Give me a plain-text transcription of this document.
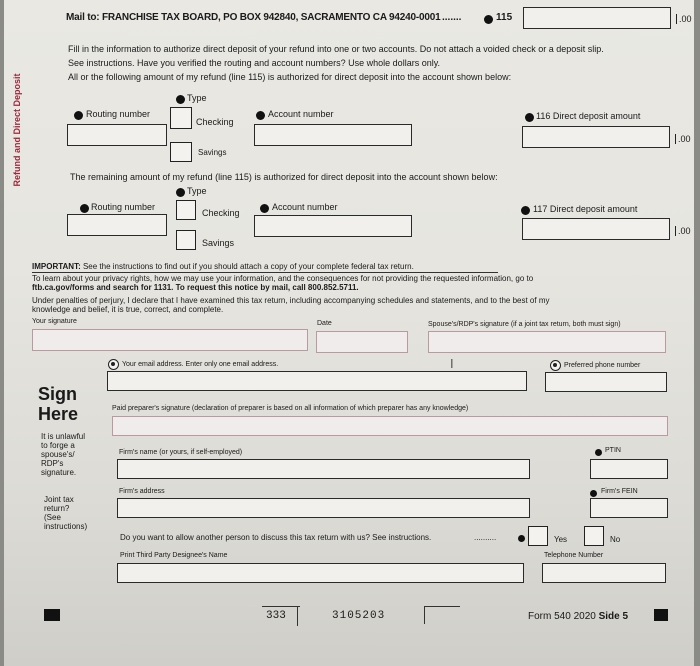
Refund and Direct Deposit
Mail to: FRANCHISE TAX BOARD, PO BOX 942840, SACRAMENTO CA 94240-0001 .......	115	.00
Fill in the information to authorize direct deposit of your refund into one or two accounts. Do not attach a voided check or a deposit slip.
See instructions. Have you verified the routing and account numbers? Use whole dollars only.
All or the following amount of my refund (line 115) is authorized for direct deposit into the account shown below:
Type
Routing number
Checking
Savings
Account number	116 Direct deposit amount
.00
The remaining amount of my refund (line 115) is authorized for direct deposit into the account shown below:
Type
Routing number
Checking
Savings
Account number	117 Direct deposit amount
.00
IMPORTANT: See the instructions to find out if you should attach a copy of your complete federal tax return.
To learn about your privacy rights, how we may use your information, and the consequences for not providing the requested information, go to
ftb.ca.gov/forms and search for 1131. To request this notice by mail, call 800.852.5711.
Under penalties of perjury, I declare that I have examined this tax return, including accompanying schedules and statements, and to the best of my
knowledge and belief, it is true, correct, and complete.
Your signature	Date	Spouse's/RDP's signature (if a joint tax return, both must sign)
Your email address. Enter only one email address.	I	Preferred phone number
Sign
Here	Paid preparer's signature (declaration of preparer is based on all information of which preparer has any knowledge)
It is unlawful
to forge a
spouse's/
RDP's
signature.
Firm's name (or yours, if self-employed)	PTIN
Firm's address	Firm's FEIN
Joint tax
return?
(See
instructions)
Do you want to allow another person to discuss this tax return with us? See instructions.	..........	Yes	No
Print Third Party Designee's Name	Telephone Number
333	3105203	Form 540 2020 Side 5
